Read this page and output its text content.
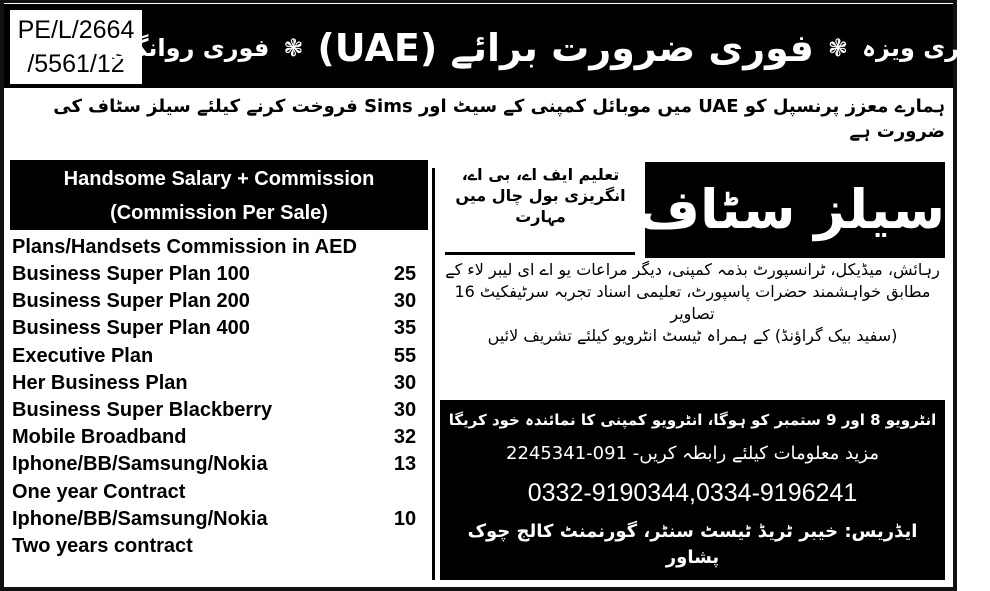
PE/L/2664
/5561/12
فوری ویزہ
❃
فوری ضرورت برائے (UAE)
❃
فوری روانگی
ہمارے معزز پرنسپل کو UAE میں موبائل کمپنی کے سیٹ اور Sims فروخت کرنے کیلئے سیلز سٹاف کی ضرورت ہے
Handsome Salary + Commission
(Commission Per Sale)
Plans/Handsets Commission in AED
Business Super Plan 100	25
Business Super Plan 200	30
Business Super Plan 400	35
Executive Plan	55
Her Business Plan	30
Business Super Blackberry	30
Mobile Broadband	32
Iphone/BB/Samsung/Nokia	13
One year Contract
Iphone/BB/Samsung/Nokia	10
Two years contract
سیلز سٹاف
تعلیم ایف اے، بی اے،
انگریزی بول چال میں مہارت
رہائش، میڈیکل، ٹرانسپورٹ بذمہ کمپنی، دیگر مراعات یو اے ای لیبر لاء کے
مطابق خواہشمند حضرات پاسپورٹ، تعلیمی اسناد تجربہ سرٹیفکیٹ 16 تصاویر
(سفید بیک گراؤنڈ) کے ہمراہ ٹیسٹ انٹرویو کیلئے تشریف لائیں
انٹرویو 8 اور 9 ستمبر کو ہوگا، انٹرویو کمپنی کا نمائندہ خود کریگا
مزید معلومات کیلئے رابطہ کریں- 091-2245341
0332-9190344,0334-9196241
ایڈریس: خیبر ٹریڈ ٹیسٹ سنٹر، گورنمنٹ کالج چوک پشاور
